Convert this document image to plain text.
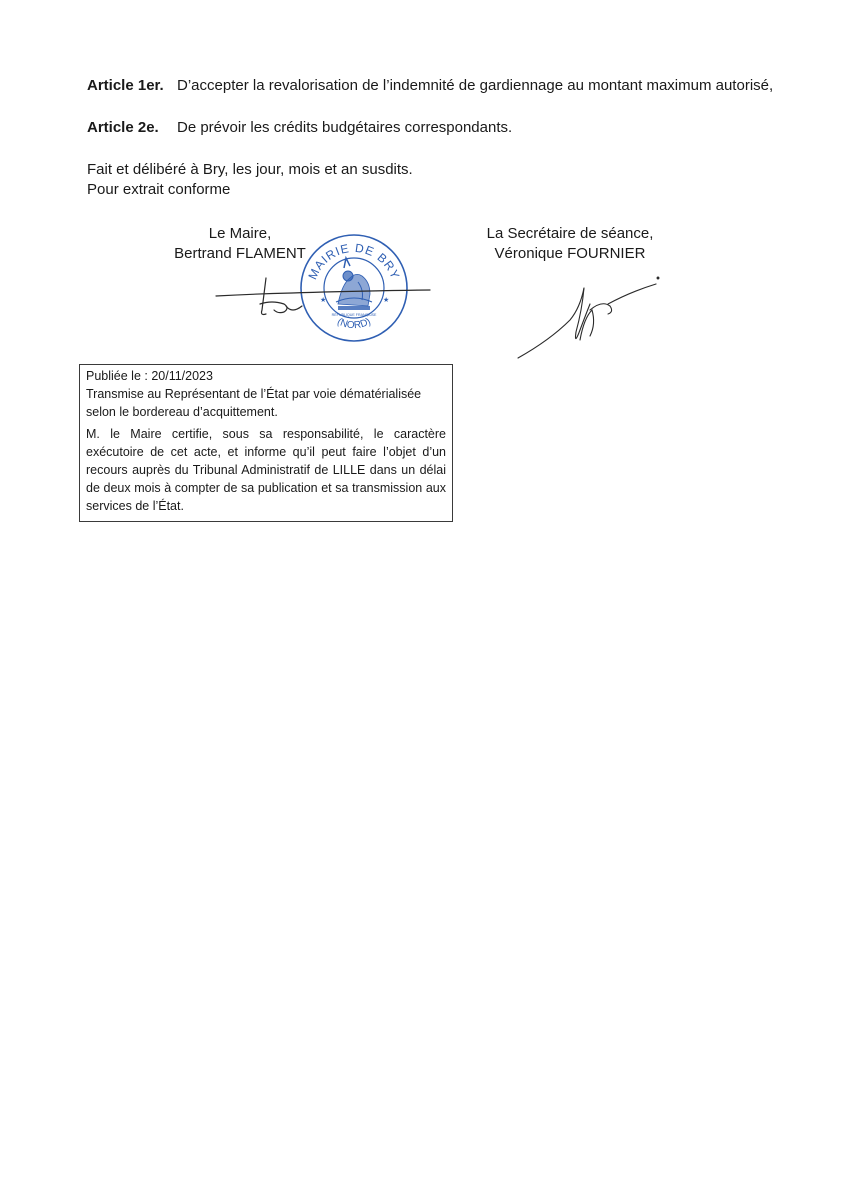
Article 1er. D’accepter la revalorisation de l’indemnité de gardiennage au montant maximum autorisé,
Article 2e. De prévoir les crédits budgétaires correspondants.
Fait et délibéré à Bry, les jour, mois et an susdits.
Pour extrait conforme
Le Maire,
Bertrand FLAMENT
La Secrétaire de séance,
Véronique FOURNIER
MAIRIE DE BRY
(NORD)
RÉPUBLIQUE FRANÇAISE
★	★
Publiée le : 20/11/2023
Transmise au Représentant de l’État par voie dématérialisée selon le bordereau d’acquittement.
M. le Maire certifie, sous sa responsabilité, le caractère exécutoire de cet acte, et informe qu’il peut faire l’objet d’un recours auprès du Tribunal Administratif de LILLE dans un délai de deux mois à compter de sa publication et sa transmission aux services de l’État.
